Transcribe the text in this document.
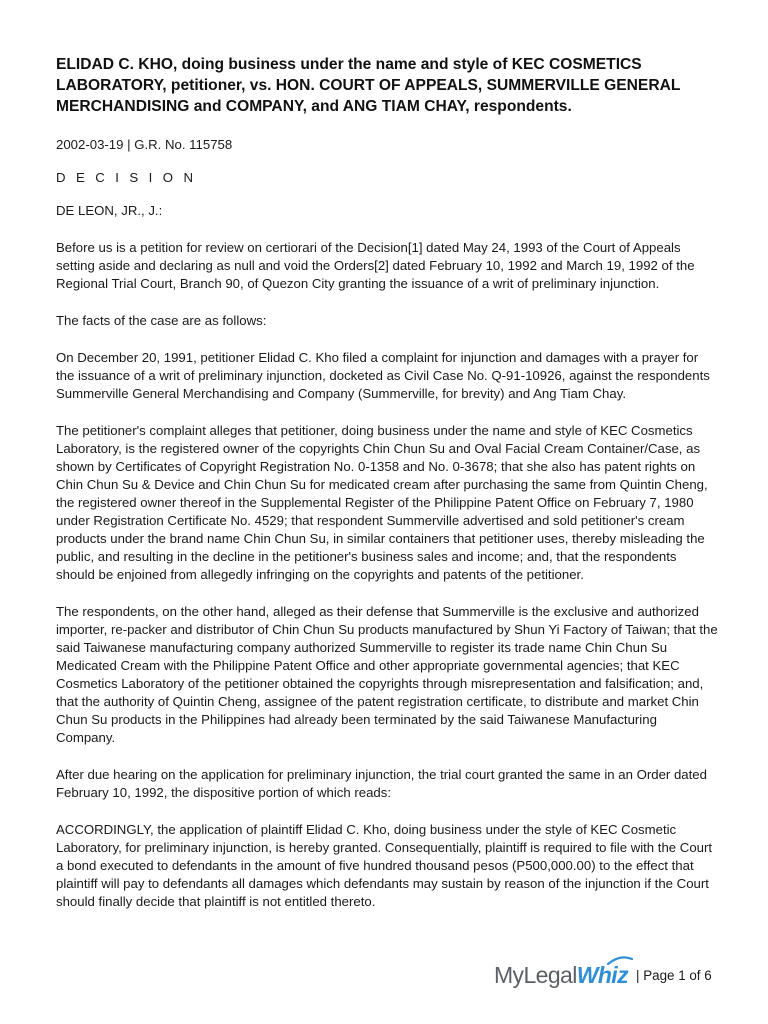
ELIDAD C. KHO, doing business under the name and style of KEC COSMETICS LABORATORY, petitioner, vs. HON. COURT OF APPEALS, SUMMERVILLE GENERAL MERCHANDISING and COMPANY, and ANG TIAM CHAY, respondents.
2002-03-19 | G.R. No. 115758
D E C I S I O N
DE LEON, JR., J.:
Before us is a petition for review on certiorari of the Decision[1] dated May 24, 1993 of the Court of Appeals setting aside and declaring as null and void the Orders[2] dated February 10, 1992 and March 19, 1992 of the Regional Trial Court, Branch 90, of Quezon City granting the issuance of a writ of preliminary injunction.
The facts of the case are as follows:
On December 20, 1991, petitioner Elidad C. Kho filed a complaint for injunction and damages with a prayer for the issuance of a writ of preliminary injunction, docketed as Civil Case No. Q-91-10926, against the respondents Summerville General Merchandising and Company (Summerville, for brevity) and Ang Tiam Chay.
The petitioner's complaint alleges that petitioner, doing business under the name and style of KEC Cosmetics Laboratory, is the registered owner of the copyrights Chin Chun Su and Oval Facial Cream Container/Case, as shown by Certificates of Copyright Registration No. 0-1358 and No. 0-3678; that she also has patent rights on Chin Chun Su & Device and Chin Chun Su for medicated cream after purchasing the same from Quintin Cheng, the registered owner thereof in the Supplemental Register of the Philippine Patent Office on February 7, 1980 under Registration Certificate No. 4529; that respondent Summerville advertised and sold petitioner's cream products under the brand name Chin Chun Su, in similar containers that petitioner uses, thereby misleading the public, and resulting in the decline in the petitioner's business sales and income; and, that the respondents should be enjoined from allegedly infringing on the copyrights and patents of the petitioner.
The respondents, on the other hand, alleged as their defense that Summerville is the exclusive and authorized importer, re-packer and distributor of Chin Chun Su products manufactured by Shun Yi Factory of Taiwan; that the said Taiwanese manufacturing company authorized Summerville to register its trade name Chin Chun Su Medicated Cream with the Philippine Patent Office and other appropriate governmental agencies; that KEC Cosmetics Laboratory of the petitioner obtained the copyrights through misrepresentation and falsification; and, that the authority of Quintin Cheng, assignee of the patent registration certificate, to distribute and market Chin Chun Su products in the Philippines had already been terminated by the said Taiwanese Manufacturing Company.
After due hearing on the application for preliminary injunction, the trial court granted the same in an Order dated February 10, 1992, the dispositive portion of which reads:
ACCORDINGLY, the application of plaintiff Elidad C. Kho, doing business under the style of KEC Cosmetic Laboratory, for preliminary injunction, is hereby granted. Consequentially, plaintiff is required to file with the Court a bond executed to defendants in the amount of five hundred thousand pesos (P500,000.00) to the effect that plaintiff will pay to defendants all damages which defendants may sustain by reason of the injunction if the Court should finally decide that plaintiff is not entitled thereto.
My Legal Whiz | Page 1 of 6
